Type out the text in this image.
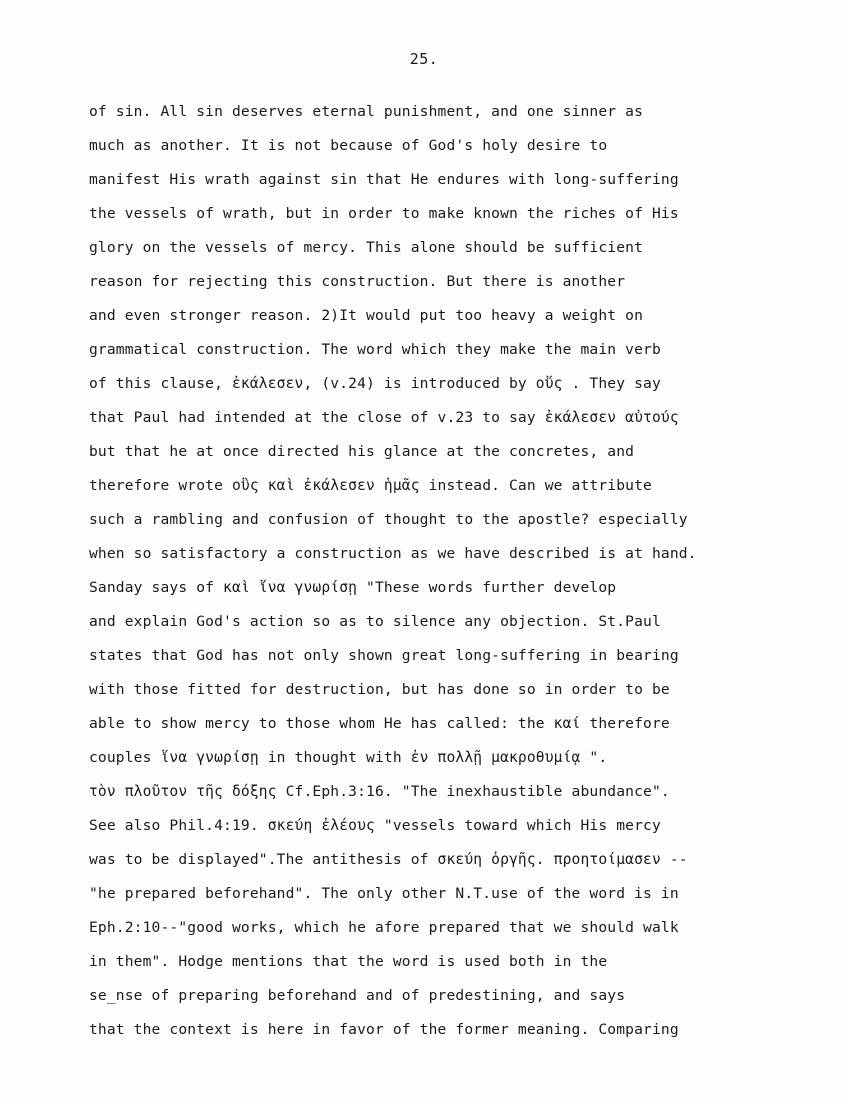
25.
of sin. All sin deserves eternal punishment, and one sinner as
much as another. It is not because of God's holy desire to
manifest His wrath against sin that He endures with long-suffering
the vessels of wrath, but in order to make known the riches of His
glory on the vessels of mercy. This alone should be sufficient
reason for rejecting this construction. But there is another
and even stronger reason. 2)It would put too heavy a weight on
grammatical construction. The word which they make the main verb
of this clause, ἐκάλεσεν, (v.24) is introduced by οὕς . They say
that Paul had intended at the close of v.23 to say ἐκάλεσεν αὐτούς
but that he at once directed his glance at the concretes, and
therefore wrote οὓς καὶ ἐκάλεσεν ἡμᾶς instead. Can we attribute
such a rambling and confusion of thought to the apostle? especially
when so satisfactory a construction as we have described is at hand.
Sanday says of καὶ ἵνα γνωρίσῃ "These words further develop
and explain God's action so as to silence any objection. St.Paul
states that God has not only shown great long-suffering in bearing
with those fitted for destruction, but has done so in order to be
able to show mercy to those whom He has called: the καί therefore
couples ἵνα γνωρίσῃ in thought with ἐν πολλῇ μακροθυμίᾳ ".
τὸν πλοῦτον τῆς δόξης Cf.Eph.3:16. "The inexhaustible abundance".
See also Phil.4:19. σκεύη ἐλέους "vessels toward which His mercy
was to be displayed".The antithesis of σκεύη ὀργῆς. προητοίμασεν --
"he prepared beforehand". The only other N.T.use of the word is in
Eph.2:10--"good works, which he afore prepared that we should walk
in them". Hodge mentions that the word is used both in the
se_nse of preparing beforehand and of predestining, and says
that the context is here in favor of the former meaning. Comparing
